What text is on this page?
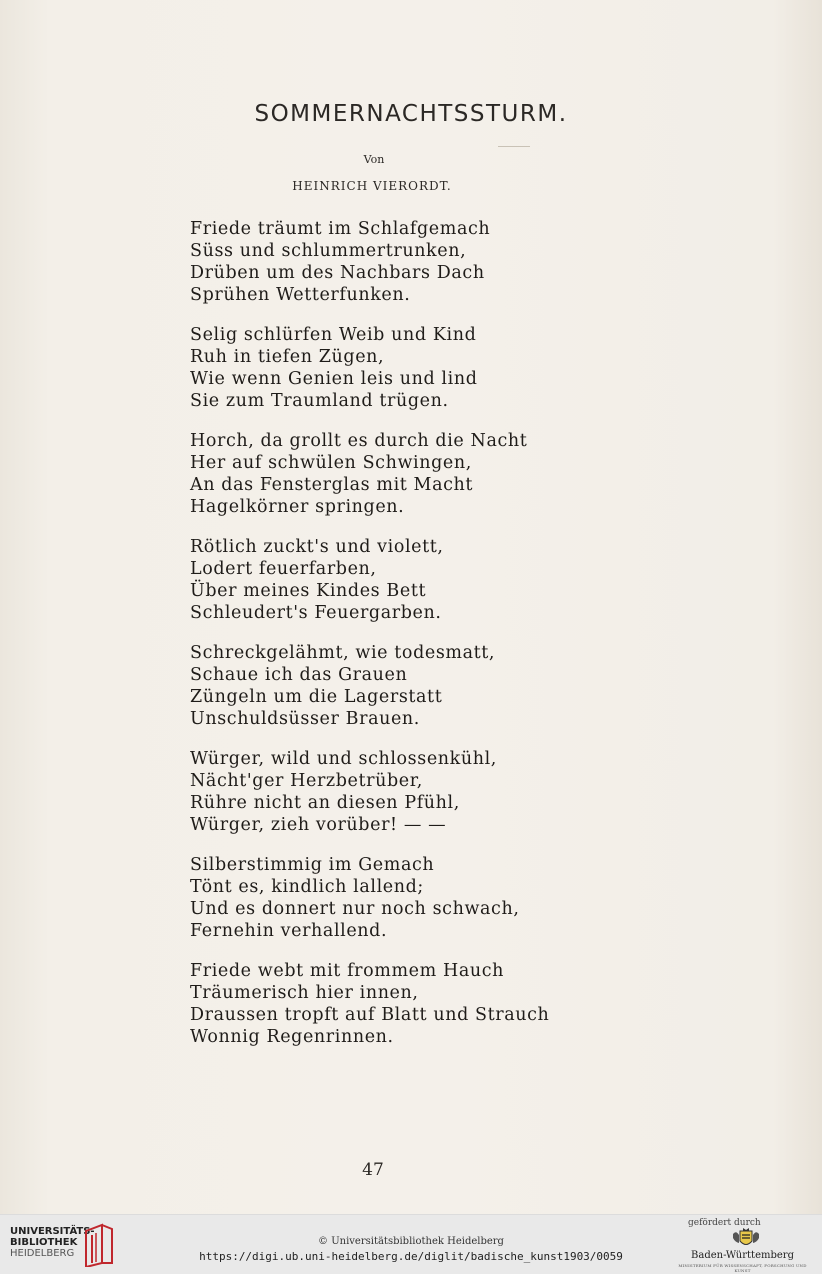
SOMMERNACHTSSTURM.
Von
HEINRICH VIERORDT.
Friede träumt im Schlafgemach
Süss und schlummertrunken,
Drüben um des Nachbars Dach
Sprühen Wetterfunken.
Selig schlürfen Weib und Kind
Ruh in tiefen Zügen,
Wie wenn Genien leis und lind
Sie zum Traumland trügen.
Horch, da grollt es durch die Nacht
Her auf schwülen Schwingen,
An das Fensterglas mit Macht
Hagelkörner springen.
Rötlich zuckt's und violett,
Lodert feuerfarben,
Über meines Kindes Bett
Schleudert's Feuergarben.
Schreckgelähmt, wie todesmatt,
Schaue ich das Grauen
Züngeln um die Lagerstatt
Unschuldsüsser Brauen.
Würger, wild und schlossenkühl,
Nächt'ger Herzbetrüber,
Rühre nicht an diesen Pfühl,
Würger, zieh vorüber! — —
Silberstimmig im Gemach
Tönt es, kindlich lallend;
Und es donnert nur noch schwach,
Fernehin verhallend.
Friede webt mit frommem Hauch
Träumerisch hier innen,
Draussen tropft auf Blatt und Strauch
Wonnig Regenrinnen.
47
UNIVERSITÄTS-
BIBLIOTHEK
HEIDELBERG
© Universitätsbibliothek Heidelberg
https://digi.ub.uni-heidelberg.de/diglit/badische_kunst1903/0059
gefördert durch
Baden-Württemberg
MINISTERIUM FÜR WISSENSCHAFT, FORSCHUNG UND KUNST
